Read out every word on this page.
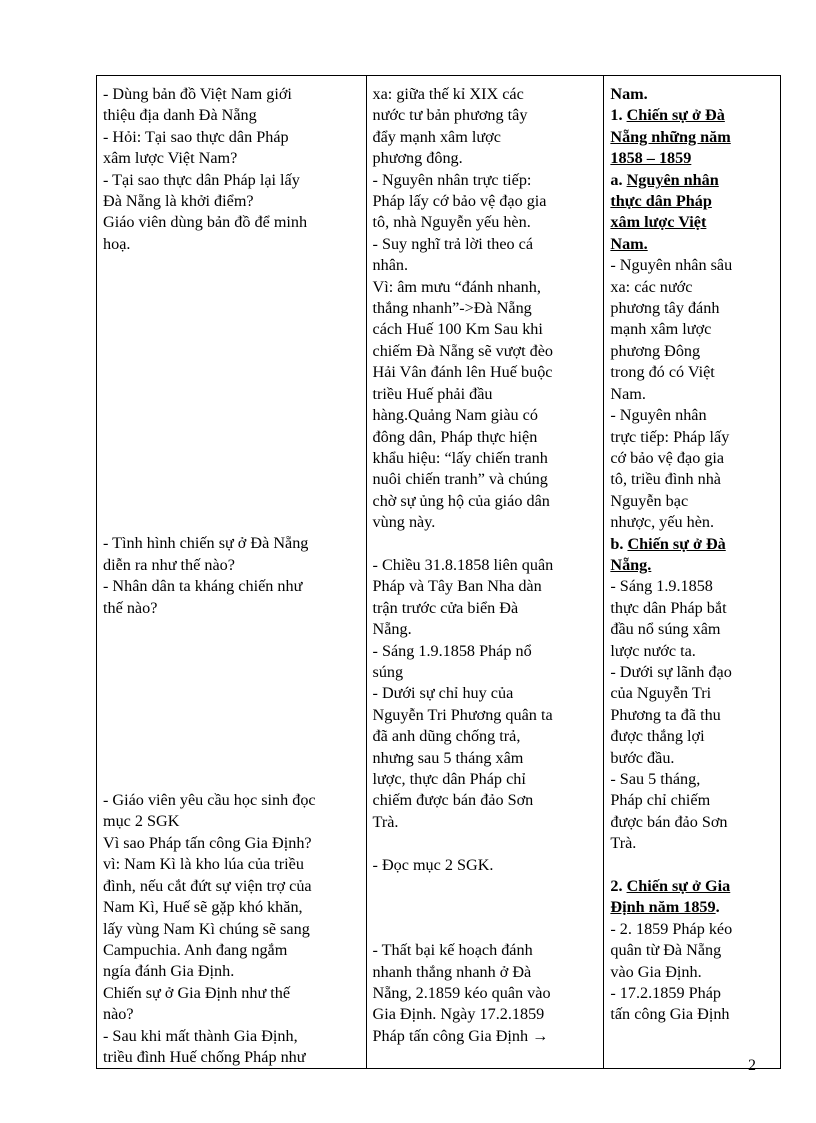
- Dùng bản đồ Việt Nam giới
thiệu địa danh Đà Nẵng
- Hỏi: Tại sao thực dân Pháp
xâm lược Việt Nam?
- Tại sao thực dân Pháp lại lấy
Đà Nẵng là khởi điểm?
Giáo viên dùng bản đồ để minh
hoạ.
- Tình hình chiến sự ở Đà Nẵng
diễn ra như thế nào?
- Nhân dân ta kháng chiến như
thế nào?
- Giáo viên yêu cầu học sinh đọc
mục 2 SGK
Vì sao Pháp tấn công Gia Định?
vì: Nam Kì là kho lúa của triều
đình, nếu cắt đứt sự viện trợ của
Nam Kì, Huế sẽ gặp khó khăn,
lấy vùng Nam Kì chúng sẽ sang
Campuchia. Anh đang ngắm
ngía đánh Gia Định.
Chiến sự ở Gia Định như thế
nào?
- Sau khi mất thành Gia Định,
triều đình Huế chống Pháp như

xa: giữa thế kỉ XIX các
nước tư bản phương tây
đẩy mạnh xâm lược
phương đông.
- Nguyên nhân trực tiếp:
Pháp lấy cớ bảo vệ đạo gia
tô, nhà Nguyễn yếu hèn.
- Suy nghĩ trả lời theo cá
nhân.
Vì: âm mưu “đánh nhanh,
thắng nhanh”->Đà Nẵng
cách Huế 100 Km Sau khi
chiếm Đà Nẵng sẽ vượt đèo
Hải Vân đánh lên Huế buộc
triều Huế phải đầu
hàng.Quảng Nam giàu có
đông dân, Pháp thực hiện
khẩu hiệu: “lấy chiến tranh
nuôi chiến tranh” và chúng
chờ sự ủng hộ của giáo dân
vùng này.
- Chiều 31.8.1858 liên quân
Pháp và Tây Ban Nha dàn
trận trước cửa biển Đà
Nẵng.
- Sáng 1.9.1858 Pháp nổ
súng
- Dưới sự chỉ huy của
Nguyễn Tri Phương quân ta
đã anh dũng chống trả,
nhưng sau 5 tháng xâm
lược, thực dân Pháp chỉ
chiếm được bán đảo Sơn
Trà.
- Đọc mục 2 SGK.
- Thất bại kế hoạch đánh
nhanh thắng nhanh ở Đà
Nẵng, 2.1859 kéo quân vào
Gia Định. Ngày 17.2.1859
Pháp tấn công Gia Định →

Nam.
1. Chiến sự ở Đà
Nẵng những năm
1858 – 1859
a. Nguyên nhân
thực dân Pháp
xâm lược Việt
Nam.
- Nguyên nhân sâu
xa: các nước
phương tây đánh
mạnh xâm lược
phương Đông
trong đó có Việt
Nam.
- Nguyên nhân
trực tiếp: Pháp lấy
cớ bảo vệ đạo gia
tô, triều đình nhà
Nguyễn bạc
nhược, yếu hèn.
b. Chiến sự ở Đà
Nẵng.
- Sáng 1.9.1858
thực dân Pháp bắt
đầu nổ súng xâm
lược nước ta.
- Dưới sự lãnh đạo
của Nguyễn Tri
Phương ta đã thu
được thắng lợi
bước đầu.
- Sau 5 tháng,
Pháp chỉ chiếm
được bán đảo Sơn
Trà.
2. Chiến sự ở Gia
Định năm 1859.
- 2. 1859 Pháp kéo
quân từ Đà Nẵng
vào Gia Định.
- 17.2.1859 Pháp
tấn công Gia Định
2
